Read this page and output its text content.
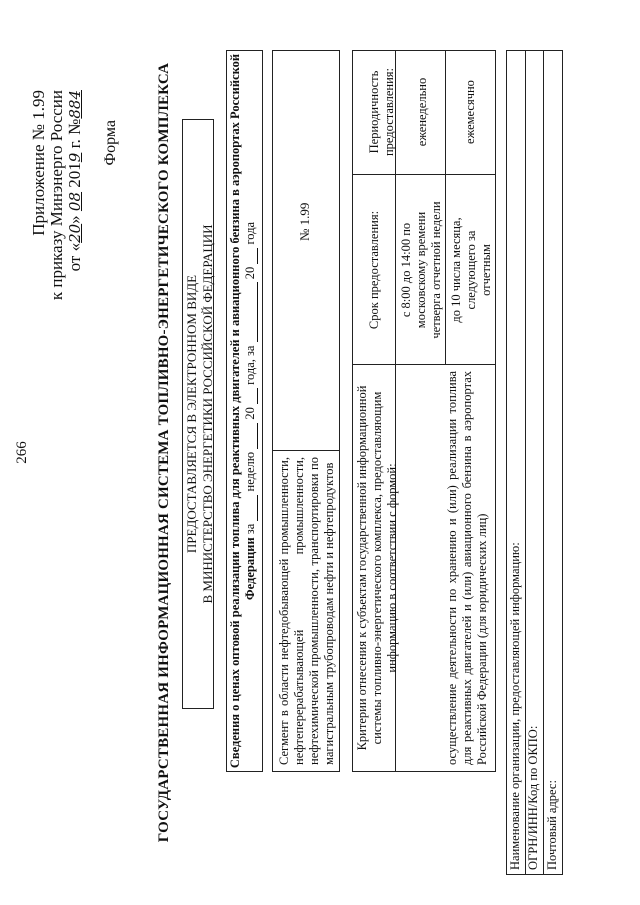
266
Приложение № 1.99 к приказу Минэнерго России от «20» 08 2019 г. №884
Форма ГОСУДАРСТВЕННАЯ ИНФОРМАЦИОННАЯ СИСТЕМА ТОПЛИВНО-ЭНЕРГЕТИЧЕСКОГО КОМПЛЕКСА ПРЕДОСТАВЛЯЕТСЯ В ЭЛЕКТРОННОМ ВИДЕ В МИНИСТЕРСТВО ЭНЕРГЕТИКИ РОССИЙСКОЙ ФЕДЕРАЦИИ Сведения о ценах оптовой реализации топлива для реактивных двигателей и авиационного бензина в аэропортах Российской Федерации за  неделю  20  года, за  20  года
Сегмент в области нефтедобывающей промышленности, нефтеперерабатывающей промышленности, нефтехимической промышленности, транспортировки по магистральным трубопроводам нефти и нефтепродуктов
№ 1.99
Критерии отнесения к субъектам государственной информационной системы топливно-энергетического комплекса, предоставляющим информацию в соответствии с формой:
Срок предоставления:
Периодичность предоставления:
осуществление деятельности по хранению и (или) реализации топлива для реактивных двигателей и (или) авиационного бензина в аэропортах Российской Федерации (для юридических лиц)
с 8:00 до 14:00 по московскому времени четверга отчетной недели до 10 числа месяца, следующего за отчетным
еженедельно	ежемесячно
Наименование организации, предоставляющей информацию: ОГРН/ИНН/Код по ОКПО: Почтовый адрес:
